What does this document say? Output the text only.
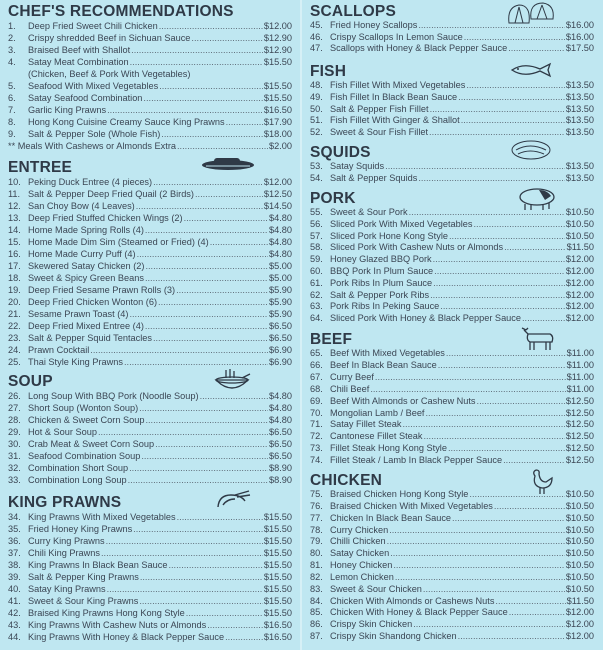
CHEF'S RECOMMENDATIONS
1.	Deep Fried Sweet Chili Chicken .....	$12.00
2.	Crispy shredded Beef in Sichuan Sauce .....	$12.90
3.	Braised Beef with Shallot .....	$12.90
4.	Satay Meat Combination .....	$15.50
(Chicken, Beef & Pork With Vegetables)
5.	Seafood With Mixed Vegetables .....	$15.50
6.	Satay Seafood Combination .....	$15.50
7.	Garlic King Prawns .....	$16.50
8.	Hong Kong Cuisine Creamy Sauce King Prawns .....	$17.90
9.	Salt & Pepper Sole (Whole Fish) .....	$18.00
** Meals With Cashews or Almonds Extra .....	$2.00
ENTREE
10. Peking Duck Entree (4 pieces) .....	$12.00
11. Salt & Pepper Deep Fried Quail (2 Birds) .....	$12.50
12. San Choy Bow (4 Leaves) .....	$14.50
13. Deep Fried Stuffed Chicken Wings (2) .....	$4.80
14. Home Made Spring Rolls (4) .....	$4.80
15. Home Made Dim Sim (Steamed or Fried) (4) .....	$4.80
16. Home Made Curry Puff (4) .....	$4.80
17. Skewered Satay Chicken (2) .....	$5.00
18. Sweet & Spicy Green Beans .....	$5.00
19. Deep Fried Sesame Prawn Rolls (3) .....	$5.90
20. Deep Fried Chicken Wonton (6) .....	$5.90
21. Sesame Prawn Toast (4) .....	$5.90
22. Deep Fried Mixed Entree (4) .....	$6.50
23. Salt & Pepper Squid Tentacles .....	$6.50
24. Prawn Cocktail .....	$6.90
25. Thai Style King Prawns .....	$6.90
SOUP
26. Long Soup With BBQ Pork (Noodle Soup) .....	$4.80
27. Short Soup (Wonton Soup) .....	$4.80
28. Chicken & Sweet Corn Soup .....	$4.80
29. Hot & Sour Soup .....	$6.50
30. Crab Meat & Sweet Corn Soup .....	$6.50
31. Seafood Combination Soup .....	$6.50
32. Combination Short Soup .....	$8.90
33. Combination Long Soup .....	$8.90
KING PRAWNS
34. King Prawns With Mixed Vegetables .....	$15.50
35. Fried Honey King Prawns .....	$15.50
36. Curry King Prawns .....	$15.50
37. Chili King Prawns .....	$15.50
38. King Prawns In Black Bean Sauce .....	$15.50
39. Salt & Pepper King Prawns .....	$15.50
40. Satay King Prawns .....	$15.50
41. Sweet & Sour King Prawns .....	$15.50
42. Braised King Prawns Hong Kong Style .....	$15.50
43. King Prawns With Cashew Nuts or Almonds .....	$16.50
44. King Prawns With Honey & Black Pepper Sauce .....	$16.50
SCALLOPS
45. Fried Honey Scallops .....	$16.00
46. Crispy Scallops In Lemon Sauce .....	$16.00
47. Scallops with Honey & Black Pepper Sauce .....	$17.50
FISH
48. Fish Fillet With Mixed Vegetables .....	$13.50
49. Fish Fillet In Black Bean Sauce .....	$13.50
50. Salt & Pepper Fish Fillet .....	$13.50
51. Fish Fillet With Ginger & Shallot .....	$13.50
52. Sweet & Sour Fish Fillet .....	$13.50
SQUIDS
53. Satay Squids .....	$13.50
54. Salt & Pepper Squids .....	$13.50
PORK
55. Sweet & Sour Pork .....	$10.50
56. Sliced Pork With Mixed Vegetables .....	$10.50
57. Sliced Pork Hone Kong Style .....	$10.50
58. Sliced Pork With Cashew Nuts or Almonds .....	$11.50
59. Honey Glazed BBQ Pork .....	$12.00
60. BBQ Pork In Plum Sauce .....	$12.00
61. Pork Ribs In Plum Sauce .....	$12.00
62. Salt & Pepper Pork Ribs .....	$12.00
63. Pork Ribs In Peking Sauce .....	$12.00
64. Sliced Pork With Honey & Black Pepper Sauce .....	$12.00
BEEF
65. Beef With Mixed Vegetables .....	$11.00
66. Beef In Black Bean Sauce .....	$11.00
67. Curry Beef .....	$11.00
68. Chili Beef .....	$11.00
69. Beef With Almonds or Cashew Nuts .....	$12.50
70. Mongolian Lamb / Beef .....	$12.50
71. Satay Fillet Steak .....	$12.50
72. Cantonese Fillet Steak .....	$12.50
73. Fillet Steak Hong Kong Style .....	$12.50
74. Fillet Steak / Lamb In Black Pepper Sauce .....	$12.50
CHICKEN
75. Braised Chicken Hong Kong Style .....	$10.50
76. Braised Chicken With Mixed Vegetables .....	$10.50
77. Chicken In Black Bean Sauce .....	$10.50
78. Curry Chicken .....	$10.50
79. Chilli Chicken .....	$10.50
80. Satay Chicken .....	$10.50
81. Honey Chicken .....	$10.50
82. Lemon Chicken .....	$10.50
83. Sweet & Sour Chicken .....	$10.50
84. Chicken With Almonds or Cashews Nuts .....	$11.50
85. Chicken With Honey & Black Pepper Sauce .....	$12.00
86. Crispy Skin Chicken .....	$12.00
87. Crispy Skin Shandong Chicken .....	$12.00
